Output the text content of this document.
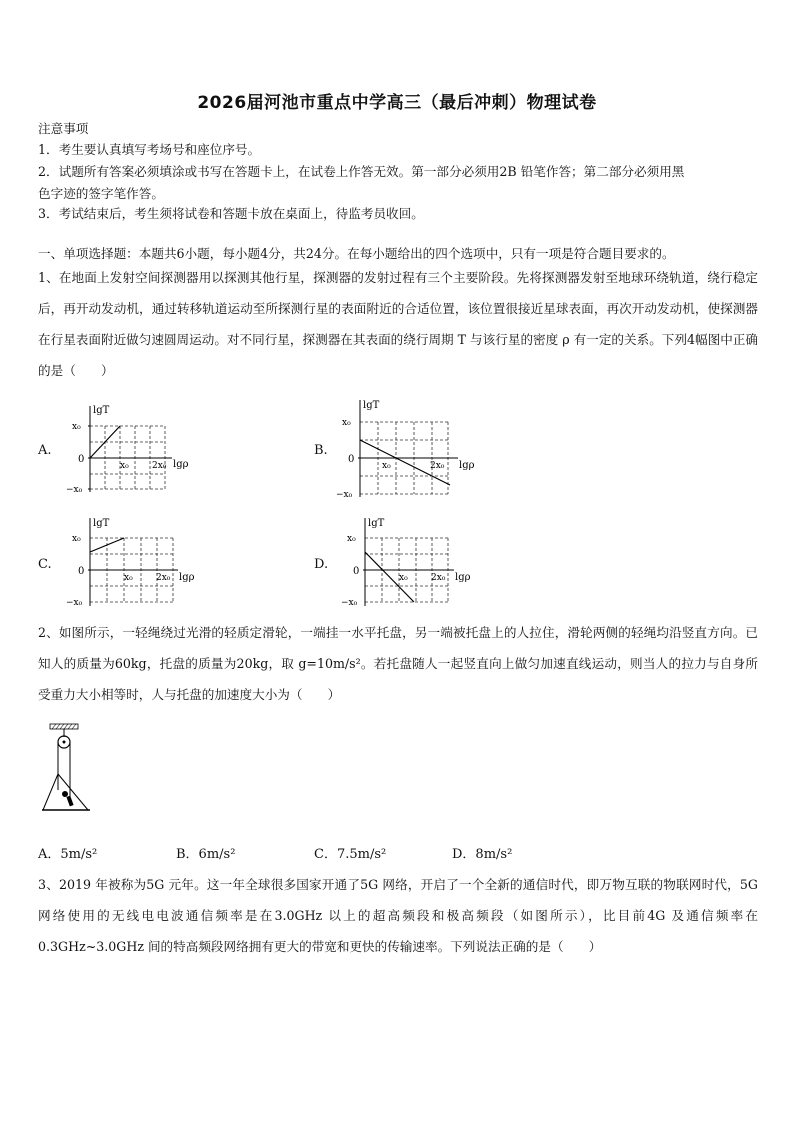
2026届河池市重点中学高三（最后冲刺）物理试卷
注意事项
1．考生要认真填写考场号和座位序号。
2．试题所有答案必须填涂或书写在答题卡上，在试卷上作答无效。第一部分必须用2B 铅笔作答；第二部分必须用黑
色字迹的签字笔作答。
3．考试结束后，考生须将试卷和答题卡放在桌面上，待监考员收回。
一、单项选择题：本题共6小题，每小题4分，共24分。在每小题给出的四个选项中，只有一项是符合题目要求的。
1、在地面上发射空间探测器用以探测其他行星，探测器的发射过程有三个主要阶段。先将探测器发射至地球环绕轨道，绕行稳定后，再开动发动机，通过转移轨道运动至所探测行星的表面附近的合适位置，该位置很接近星球表面，再次开动发动机，使探测器在行星表面附近做匀速圆周运动。对不同行星，探测器在其表面的绕行周期 T 与该行星的密度 ρ 有一定的关系。下列4幅图中正确的是（　　）
A.	B.
C.	D.
lgT
lgρ
x₀
0
−x₀
x₀	2x₀
lgT
lgρ
x₀
0
−x₀
x₀	2x₀
lgT
lgρ
x₀
0
−x₀
x₀	2x₀
lgT
lgρ
x₀
0
−x₀
x₀	2x₀
2、如图所示，一轻绳绕过光滑的轻质定滑轮，一端挂一水平托盘，另一端被托盘上的人拉住，滑轮两侧的轻绳均沿竖直方向。已知人的质量为60kg，托盘的质量为20kg，取 g=10m/s²。若托盘随人一起竖直向上做匀加速直线运动，则当人的拉力与自身所受重力大小相等时，人与托盘的加速度大小为（　　）
A．5m/s²	B．6m/s²	C．7.5m/s²	D．8m/s²
3、2019 年被称为5G 元年。这一年全球很多国家开通了5G 网络，开启了一个全新的通信时代，即万物互联的物联网时代，5G 网络使用的无线电电波通信频率是在3.0GHz 以上的超高频段和极高频段（如图所示），比目前4G 及通信频率在0.3GHz~3.0GHz 间的特高频段网络拥有更大的带宽和更快的传输速率。下列说法正确的是（　　）
